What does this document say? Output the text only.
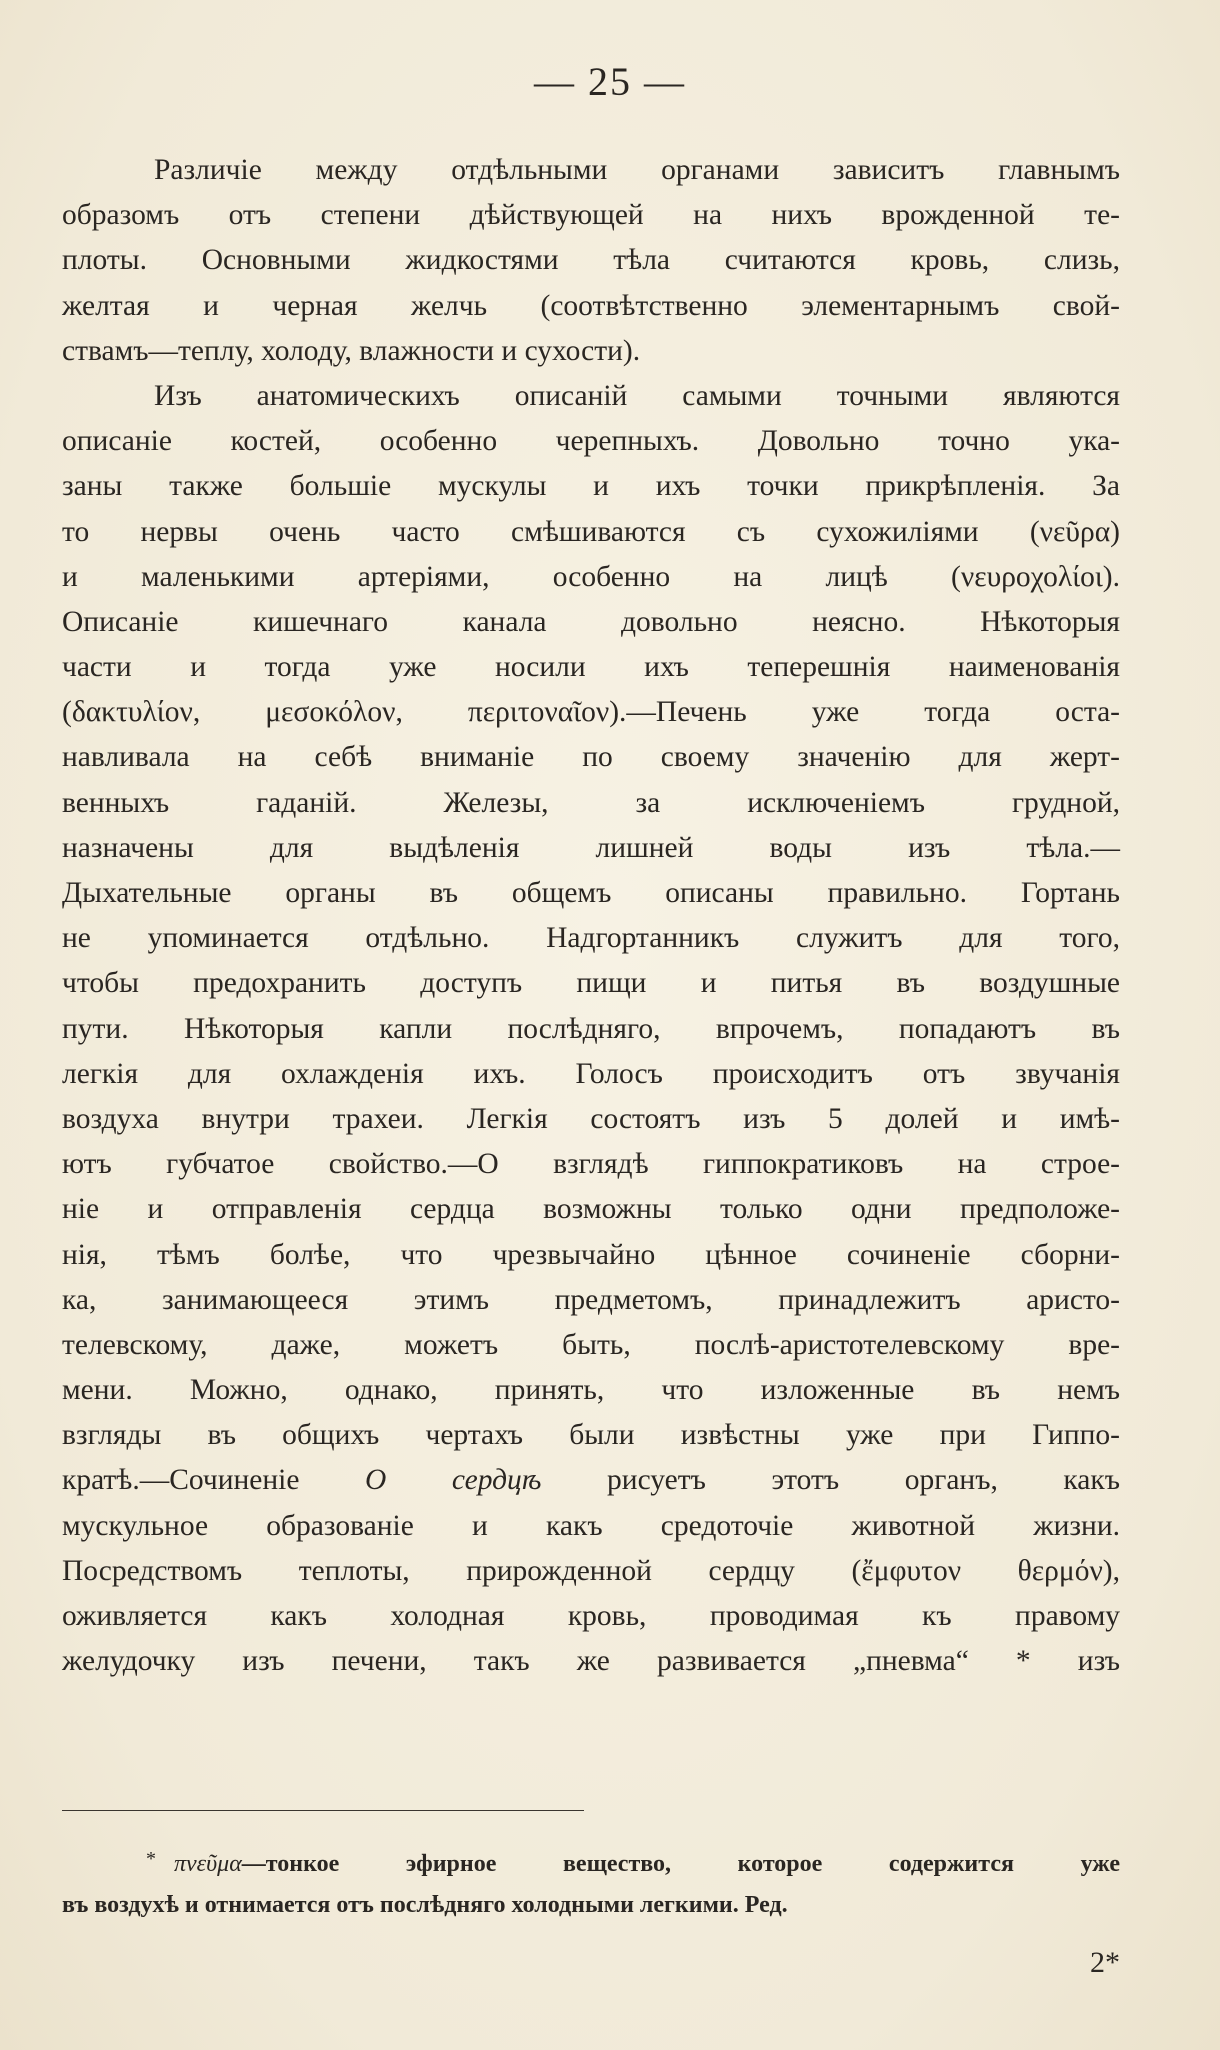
— 25 —
Различіе между отдѣльными органами зависитъ главнымъ
образомъ отъ степени дѣйствующей на нихъ врожденной те-
плоты. Основными жидкостями тѣла считаются кровь, слизь,
желтая и черная желчь (соотвѣтственно элементарнымъ свой-
ствамъ—теплу, холоду, влажности и сухости).
Изъ анатомическихъ описаній самыми точными являются
описаніе костей, особенно черепныхъ. Довольно точно ука-
заны также большіе мускулы и ихъ точки прикрѣпленія. За
то нервы очень часто смѣшиваются съ сухожиліями (νεῦρα)
и маленькими артеріями, особенно на лицѣ (νευροχολίοι).
Описаніе кишечнаго канала довольно неясно. Нѣкоторыя
части и тогда уже носили ихъ теперешнія наименованія
(δακτυλίον, μεσοκόλον, περιτοναῖον).—Печень уже тогда оста-
навливала на себѣ вниманіе по своему значенію для жерт-
венныхъ гаданій. Железы, за исключеніемъ грудной,
назначены для выдѣленія лишней воды изъ тѣла.—
Дыхательные органы въ общемъ описаны правильно. Гортань
не упоминается отдѣльно. Надгортанникъ служитъ для того,
чтобы предохранить доступъ пищи и питья въ воздушные
пути. Нѣкоторыя капли послѣдняго, впрочемъ, попадаютъ въ
легкія для охлажденія ихъ. Голосъ происходитъ отъ звучанія
воздуха внутри трахеи. Легкія состоятъ изъ 5 долей и имѣ-
ютъ губчатое свойство.—О взглядѣ гиппократиковъ на строе-
ніе и отправленія сердца возможны только одни предположе-
нія, тѣмъ болѣе, что чрезвычайно цѣнное сочиненіе сборни-
ка, занимающееся этимъ предметомъ, принадлежитъ аристо-
телевскому, даже, можетъ быть, послѣ-аристотелевскому вре-
мени. Можно, однако, принять, что изложенные въ немъ
взгляды въ общихъ чертахъ были извѣстны уже при Гиппо-
кратѣ.—Сочиненіе О сердцѣ рисуетъ этотъ органъ, какъ
мускульное образованіе и какъ средоточіе животной жизни.
Посредствомъ теплоты, прирожденной сердцу (ἔμφυτον θερμόν),
оживляется какъ холодная кровь, проводимая къ правому
желудочку изъ печени, такъ же развивается „пневма“ * изъ
* πνεῦμα—тонкое эфирное вещество, которое содержится уже
въ воздухѣ и отнимается отъ послѣдняго холодными легкими. Ред.
2*
